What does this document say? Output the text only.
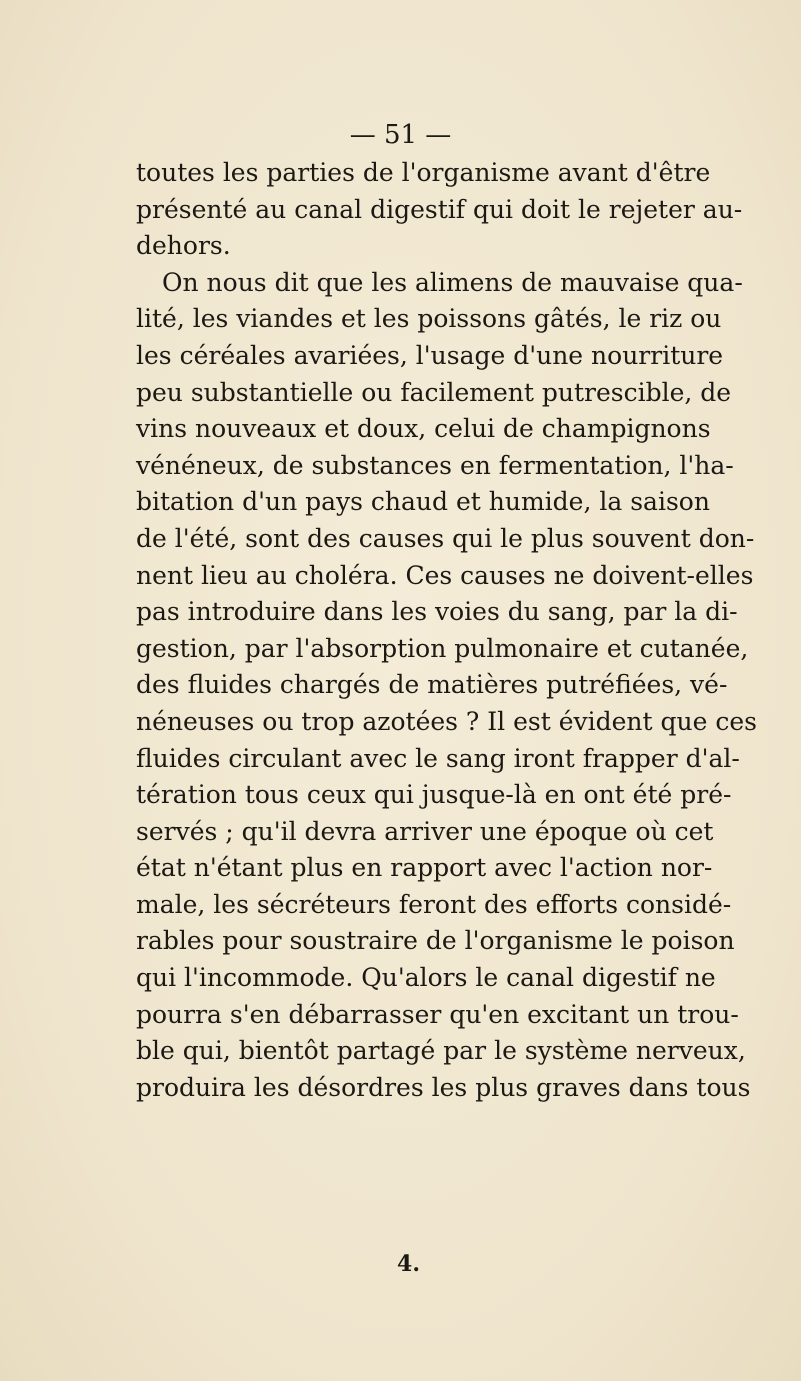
— 51 —
toutes les parties de l'organisme avant d'être
présenté au canal digestif qui doit le rejeter au-
dehors.
On nous dit que les alimens de mauvaise qua-
lité, les viandes et les poissons gâtés, le riz ou
les céréales avariées, l'usage d'une nourriture
peu substantielle ou facilement putrescible, de
vins nouveaux et doux, celui de champignons
vénéneux, de substances en fermentation, l'ha-
bitation d'un pays chaud et humide, la saison
de l'été, sont des causes qui le plus souvent don-
nent lieu au choléra. Ces causes ne doivent-elles
pas introduire dans les voies du sang, par la di-
gestion, par l'absorption pulmonaire et cutanée,
des fluides chargés de matières putréfiées, vé-
néneuses ou trop azotées ? Il est évident que ces
fluides circulant avec le sang iront frapper d'al-
tération tous ceux qui jusque-là en ont été pré-
servés ; qu'il devra arriver une époque où cet
état n'étant plus en rapport avec l'action nor-
male, les sécréteurs feront des efforts considé-
rables pour soustraire de l'organisme le poison
qui l'incommode. Qu'alors le canal digestif ne
pourra s'en débarrasser qu'en excitant un trou-
ble qui, bientôt partagé par le système nerveux,
produira les désordres les plus graves dans tous
4.
